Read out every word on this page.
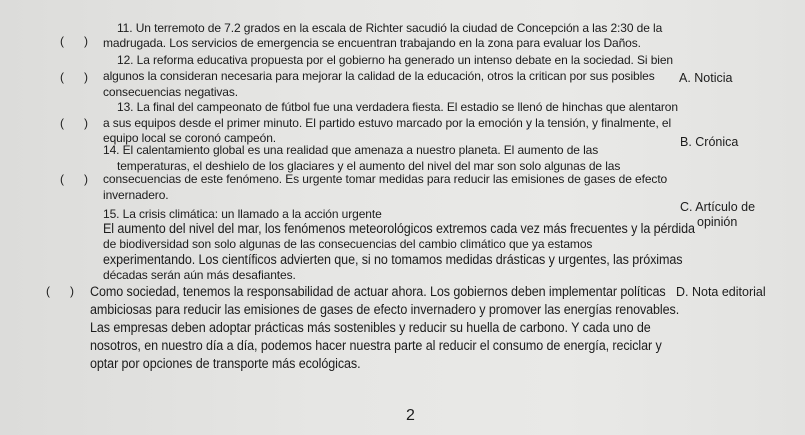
(      )
11. Un terremoto de 7.2 grados en la escala de Richter sacudió la ciudad de Concepción a las 2:30 de la
madrugada. Los servicios de emergencia se encuentran trabajando en la zona para evaluar los Daños.
12. La reforma educativa propuesta por el gobierno ha generado un intenso debate en la sociedad. Si bien
(      ) algunos la consideran necesaria para mejorar la calidad de la educación, otros la critican por sus posibles
consecuencias negativas.
13. La final del campeonato de fútbol fue una verdadera fiesta. El estadio se llenó de hinchas que alentaron
(      ) a sus equipos desde el primer minuto. El partido estuvo marcado por la emoción y la tensión, y finalmente, el
equipo local se coronó campeón.
14. El calentamiento global es una realidad que amenaza a nuestro planeta. El aumento de las
temperaturas, el deshielo de los glaciares y el aumento del nivel del mar son solo algunas de las
(      ) consecuencias de este fenómeno. Es urgente tomar medidas para reducir las emisiones de gases de efecto
invernadero.
15. La crisis climática: un llamado a la acción urgente
El aumento del nivel del mar, los fenómenos meteorológicos extremos cada vez más frecuentes y la pérdida
de biodiversidad son solo algunas de las consecuencias del cambio climático que ya estamos
experimentando. Los científicos advierten que, si no tomamos medidas drásticas y urgentes, las próximas
décadas serán aún más desafiantes.
(      ) Como sociedad, tenemos la responsabilidad de actuar ahora. Los gobiernos deben implementar políticas
ambiciosas para reducir las emisiones de gases de efecto invernadero y promover las energías renovables.
Las empresas deben adoptar prácticas más sostenibles y reducir su huella de carbono. Y cada uno de
nosotros, en nuestro día a día, podemos hacer nuestra parte al reducir el consumo de energía, reciclar y
optar por opciones de transporte más ecológicas.
A. Noticia
B. Crónica
C. Artículo de
opinión
D. Nota editorial
2
